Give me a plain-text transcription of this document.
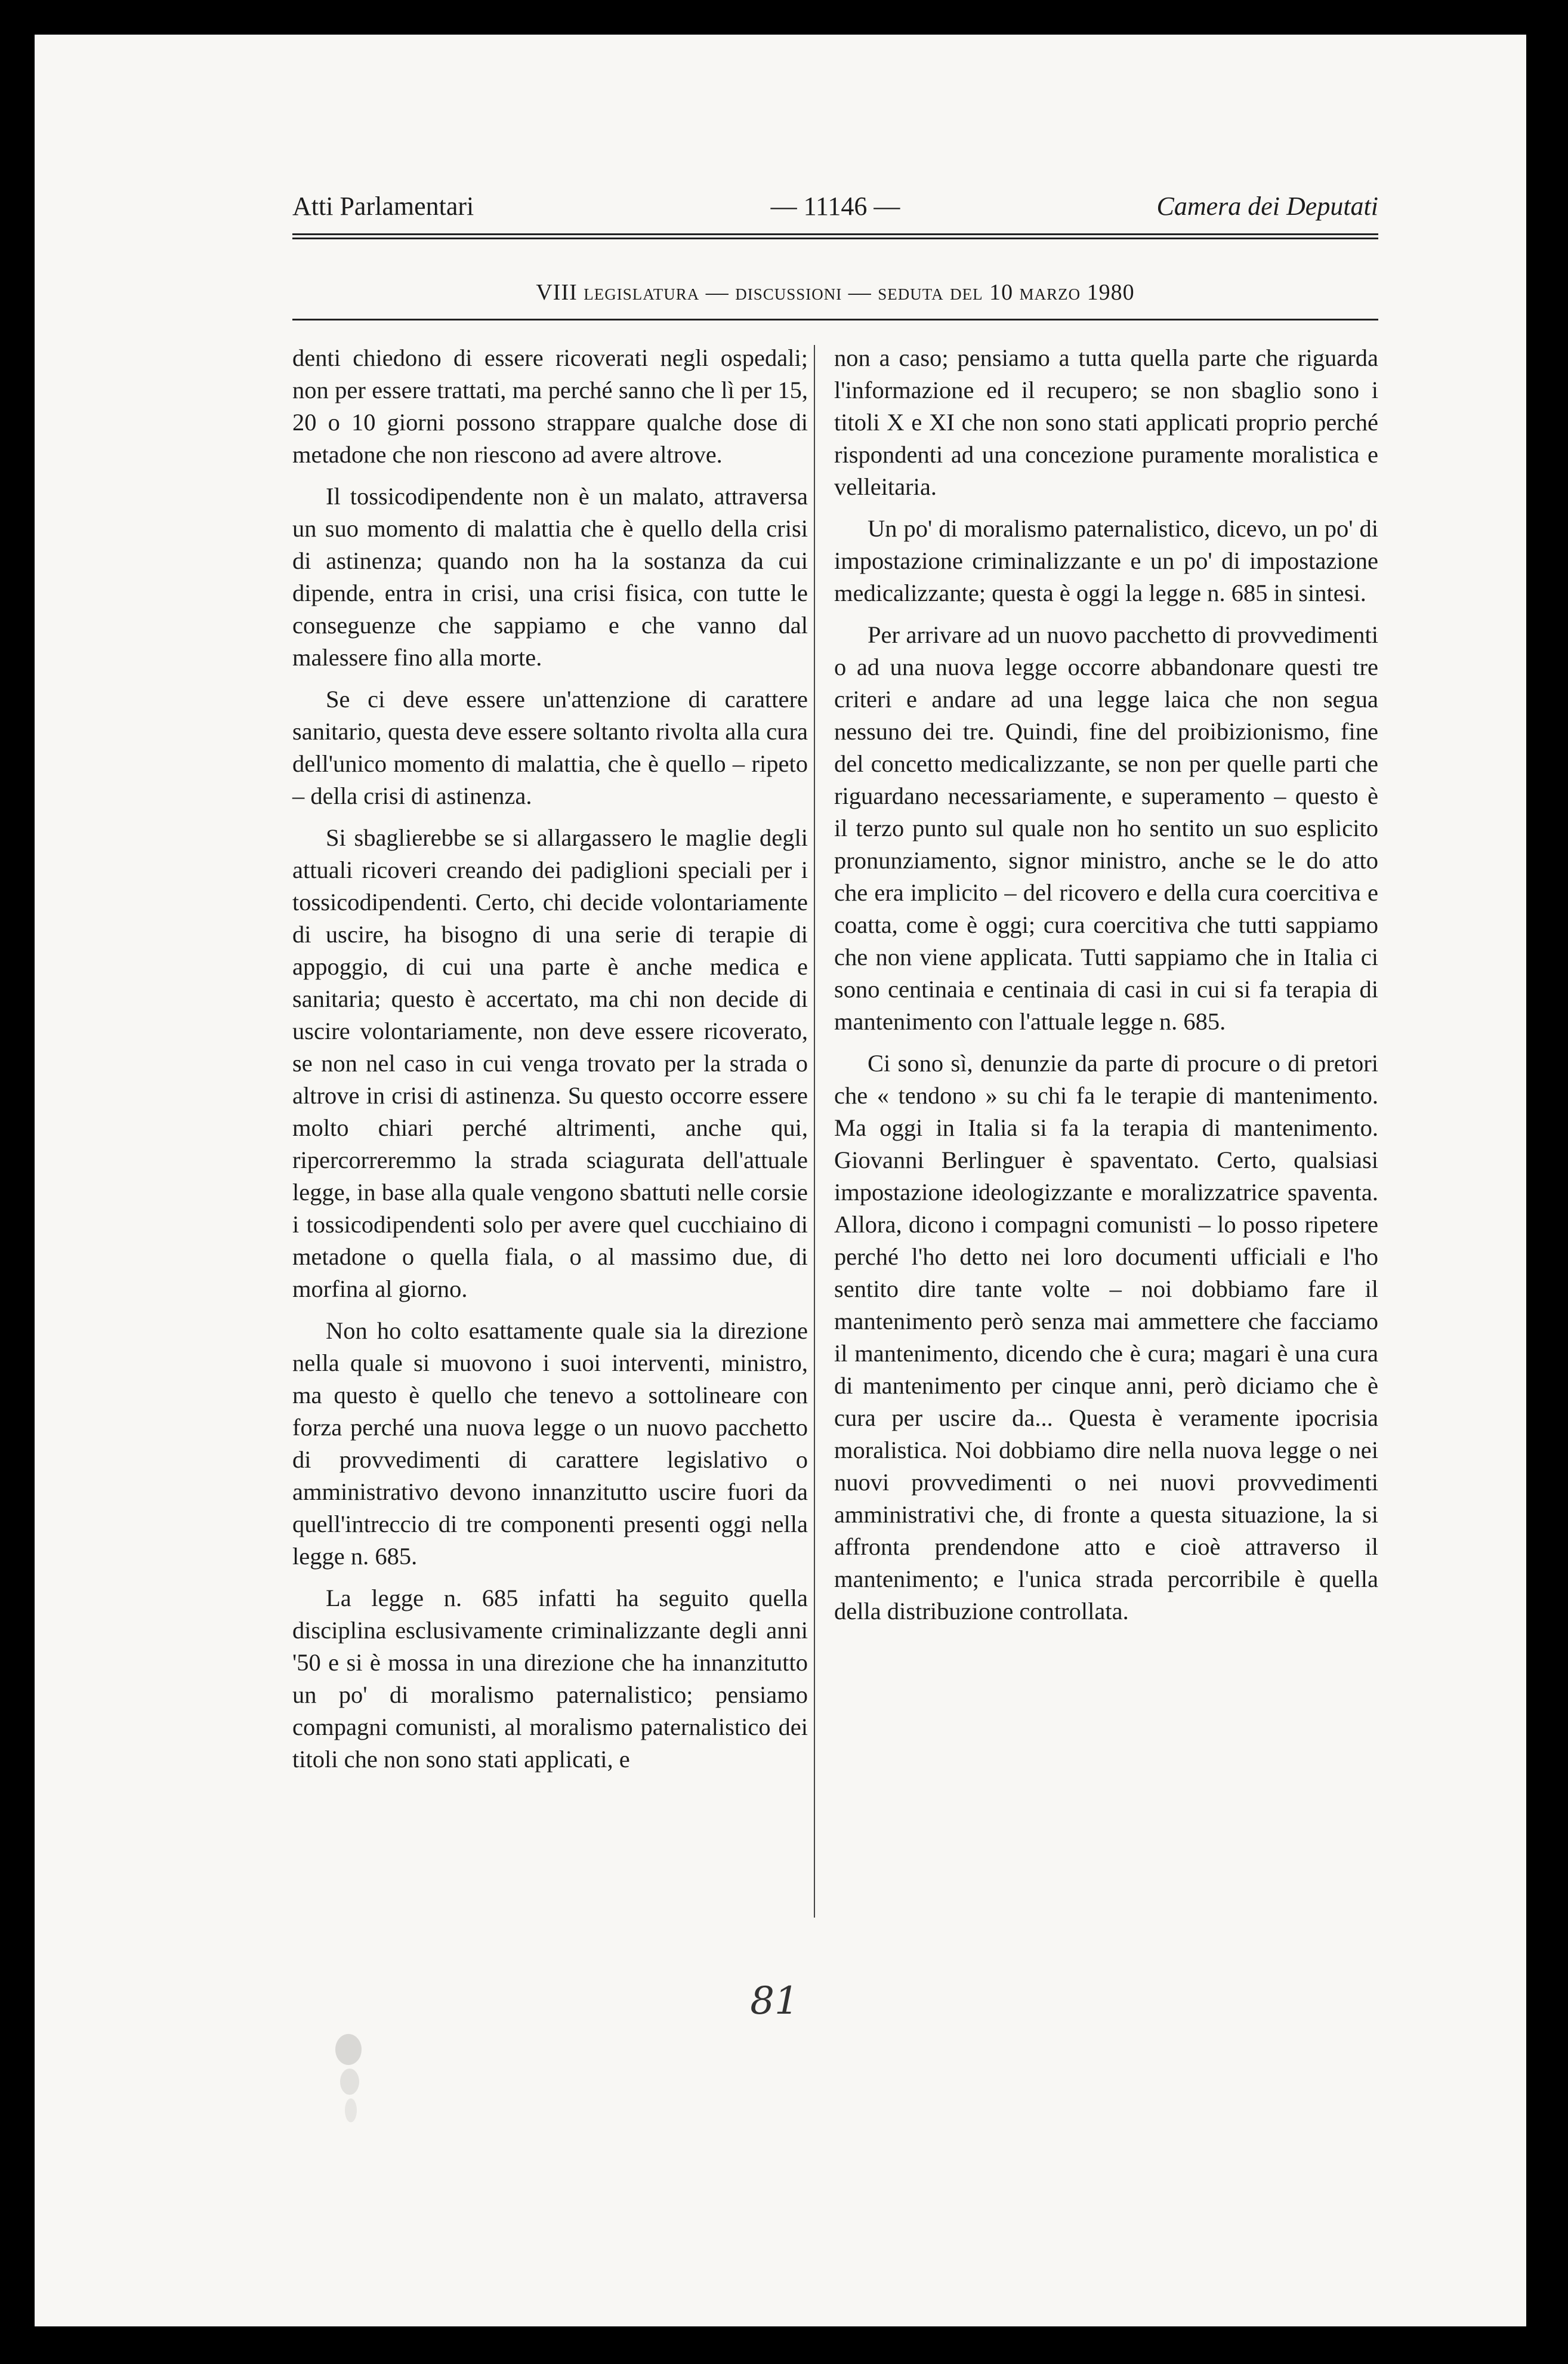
Atti Parlamentari	— 11146 —	Camera dei Deputati
VIII legislatura — discussioni — seduta del 10 marzo 1980

denti chiedono di essere ricoverati negli ospedali; non per essere trattati, ma perché sanno che lì per 15, 20 o 10 giorni possono strappare qualche dose di metadone che non riescono ad avere altrove.

Il tossicodipendente non è un malato, attraversa un suo momento di malattia che è quello della crisi di astinenza; quando non ha la sostanza da cui dipende, entra in crisi, una crisi fisica, con tutte le conseguenze che sappiamo e che vanno dal malessere fino alla morte.

Se ci deve essere un'attenzione di carattere sanitario, questa deve essere soltanto rivolta alla cura dell'unico momento di malattia, che è quello – ripeto – della crisi di astinenza.

Si sbaglierebbe se si allargassero le maglie degli attuali ricoveri creando dei padiglioni speciali per i tossicodipendenti. Certo, chi decide volontariamente di uscire, ha bisogno di una serie di terapie di appoggio, di cui una parte è anche medica e sanitaria; questo è accertato, ma chi non decide di uscire volontariamente, non deve essere ricoverato, se non nel caso in cui venga trovato per la strada o altrove in crisi di astinenza. Su questo occorre essere molto chiari perché altrimenti, anche qui, ripercorreremmo la strada sciagurata dell'attuale legge, in base alla quale vengono sbattuti nelle corsie i tossicodipendenti solo per avere quel cucchiaino di metadone o quella fiala, o al massimo due, di morfina al giorno.

Non ho colto esattamente quale sia la direzione nella quale si muovono i suoi interventi, ministro, ma questo è quello che tenevo a sottolineare con forza perché una nuova legge o un nuovo pacchetto di provvedimenti di carattere legislativo o amministrativo devono innanzitutto uscire fuori da quell'intreccio di tre componenti presenti oggi nella legge n. 685.

La legge n. 685 infatti ha seguito quella disciplina esclusivamente criminalizzante degli anni '50 e si è mossa in una direzione che ha innanzitutto un po' di moralismo paternalistico; pensiamo compagni comunisti, al moralismo paternalistico dei titoli che non sono stati applicati, e

non a caso; pensiamo a tutta quella parte che riguarda l'informazione ed il recupero; se non sbaglio sono i titoli X e XI che non sono stati applicati proprio perché rispondenti ad una concezione puramente moralistica e velleitaria.

Un po' di moralismo paternalistico, dicevo, un po' di impostazione criminalizzante e un po' di impostazione medicalizzante; questa è oggi la legge n. 685 in sintesi.

Per arrivare ad un nuovo pacchetto di provvedimenti o ad una nuova legge occorre abbandonare questi tre criteri e andare ad una legge laica che non segua nessuno dei tre. Quindi, fine del proibizionismo, fine del concetto medicalizzante, se non per quelle parti che riguardano necessariamente, e superamento – questo è il terzo punto sul quale non ho sentito un suo esplicito pronunziamento, signor ministro, anche se le do atto che era implicito – del ricovero e della cura coercitiva e coatta, come è oggi; cura coercitiva che tutti sappiamo che non viene applicata. Tutti sappiamo che in Italia ci sono centinaia e centinaia di casi in cui si fa terapia di mantenimento con l'attuale legge n. 685.

Ci sono sì, denunzie da parte di procure o di pretori che « tendono » su chi fa le terapie di mantenimento. Ma oggi in Italia si fa la terapia di mantenimento. Giovanni Berlinguer è spaventato. Certo, qualsiasi impostazione ideologizzante e moralizzatrice spaventa. Allora, dicono i compagni comunisti – lo posso ripetere perché l'ho detto nei loro documenti ufficiali e l'ho sentito dire tante volte – noi dobbiamo fare il mantenimento però senza mai ammettere che facciamo il mantenimento, dicendo che è cura; magari è una cura di mantenimento per cinque anni, però diciamo che è cura per uscire da... Questa è veramente ipocrisia moralistica. Noi dobbiamo dire nella nuova legge o nei nuovi provvedimenti o nei nuovi provvedimenti amministrativi che, di fronte a questa situazione, la si affronta prendendone atto e cioè attraverso il mantenimento; e l'unica strada percorribile è quella della distribuzione controllata.

81
